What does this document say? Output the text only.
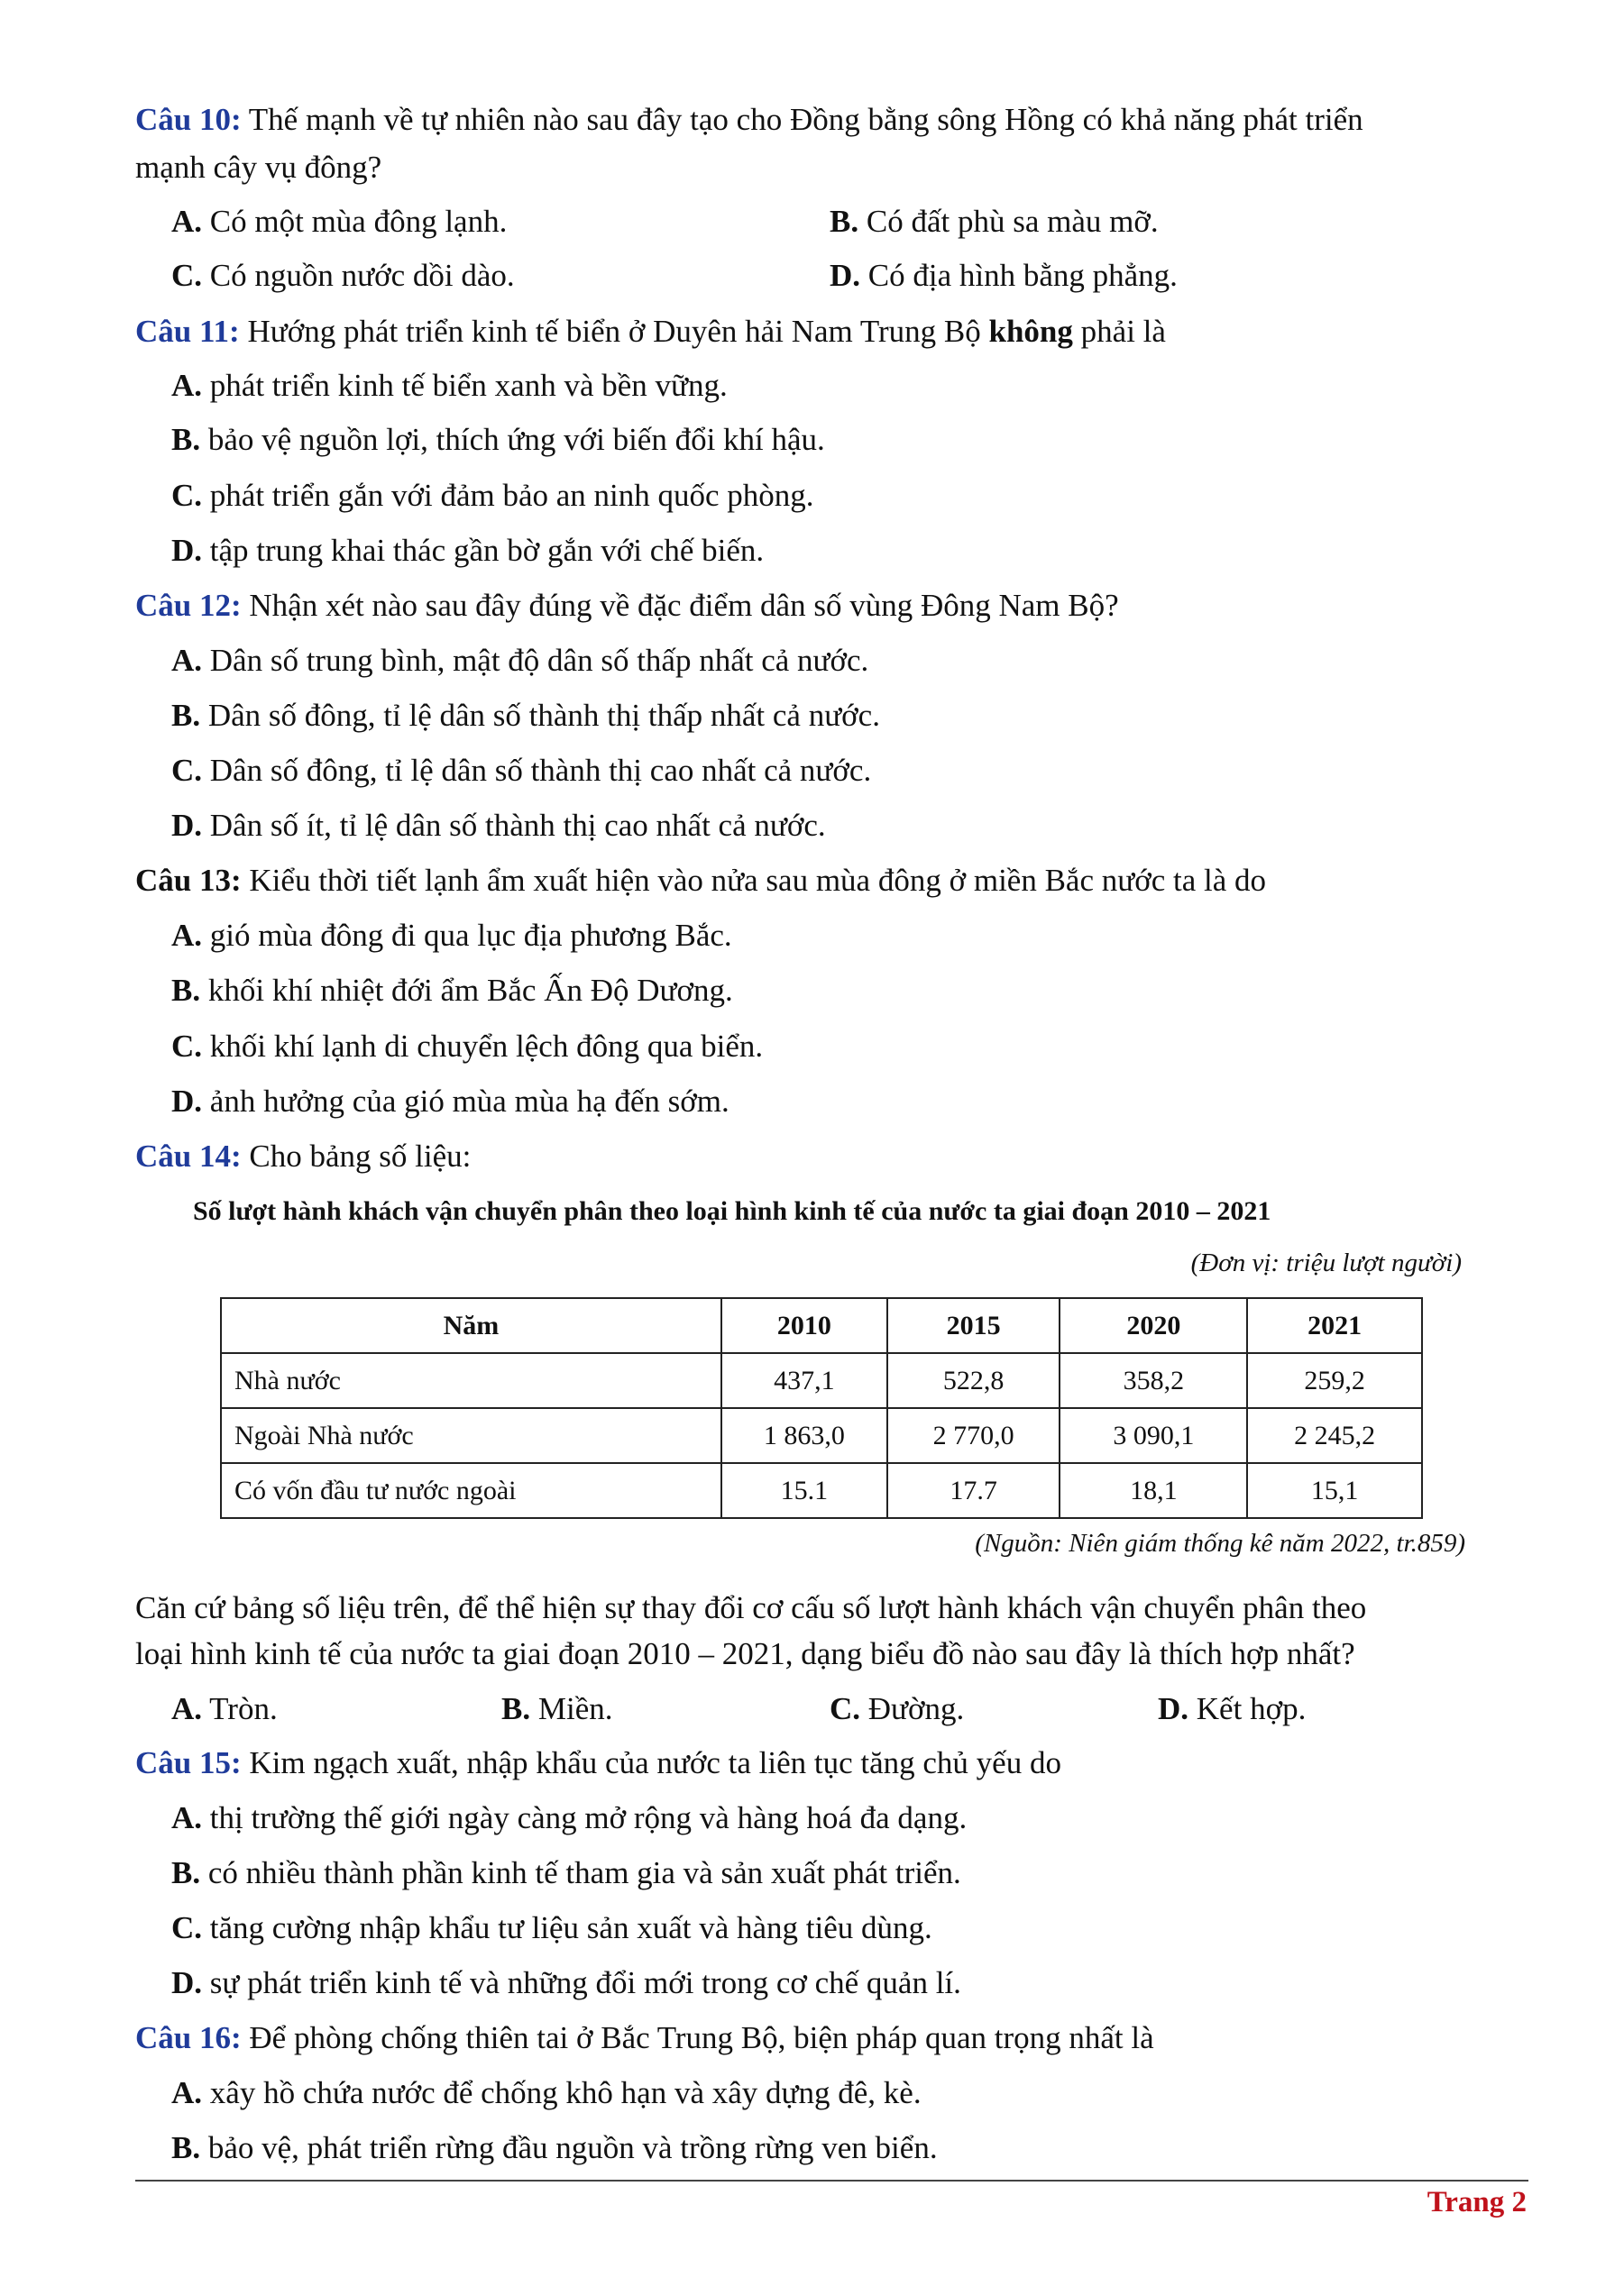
Câu 10: Thế mạnh về tự nhiên nào sau đây tạo cho Đồng bằng sông Hồng có khả năng phát triển
mạnh cây vụ đông?
A. Có một mùa đông lạnh.	B. Có đất phù sa màu mỡ.
C. Có nguồn nước dồi dào.	D. Có địa hình bằng phẳng.
Câu 11: Hướng phát triển kinh tế biển ở Duyên hải Nam Trung Bộ không phải là
A. phát triển kinh tế biển xanh và bền vững.
B. bảo vệ nguồn lợi, thích ứng với biến đổi khí hậu.
C. phát triển gắn với đảm bảo an ninh quốc phòng.
D. tập trung khai thác gần bờ gắn với chế biến.
Câu 12: Nhận xét nào sau đây đúng về đặc điểm dân số vùng Đông Nam Bộ?
A. Dân số trung bình, mật độ dân số thấp nhất cả nước.
B. Dân số đông, tỉ lệ dân số thành thị thấp nhất cả nước.
C. Dân số đông, tỉ lệ dân số thành thị cao nhất cả nước.
D. Dân số ít, tỉ lệ dân số thành thị cao nhất cả nước.
Câu 13: Kiểu thời tiết lạnh ẩm xuất hiện vào nửa sau mùa đông ở miền Bắc nước ta là do
A. gió mùa đông đi qua lục địa phương Bắc.
B. khối khí nhiệt đới ẩm Bắc Ấn Độ Dương.
C. khối khí lạnh di chuyển lệch đông qua biển.
D. ảnh hưởng của gió mùa mùa hạ đến sớm.
Câu 14: Cho bảng số liệu:
Số lượt hành khách vận chuyển phân theo loại hình kinh tế của nước ta giai đoạn 2010 – 2021
(Đơn vị: triệu lượt người)
Năm	2010	2015	2020	2021
Nhà nước	437,1	522,8	358,2	259,2
Ngoài Nhà nước	1 863,0	2 770,0	3 090,1	2 245,2
Có vốn đầu tư nước ngoài	15.1	17.7	18,1	15,1
(Nguồn: Niên giám thống kê năm 2022, tr.859)
Căn cứ bảng số liệu trên, để thể hiện sự thay đổi cơ cấu số lượt hành khách vận chuyển phân theo
loại hình kinh tế của nước ta giai đoạn 2010 – 2021, dạng biểu đồ nào sau đây là thích hợp nhất?
A. Tròn.	B. Miền.	C. Đường.	D. Kết hợp.
Câu 15: Kim ngạch xuất, nhập khẩu của nước ta liên tục tăng chủ yếu do
A. thị trường thế giới ngày càng mở rộng và hàng hoá đa dạng.
B. có nhiều thành phần kinh tế tham gia và sản xuất phát triển.
C. tăng cường nhập khẩu tư liệu sản xuất và hàng tiêu dùng.
D. sự phát triển kinh tế và những đổi mới trong cơ chế quản lí.
Câu 16: Để phòng chống thiên tai ở Bắc Trung Bộ, biện pháp quan trọng nhất là
A. xây hồ chứa nước để chống khô hạn và xây dựng đê, kè.
B. bảo vệ, phát triển rừng đầu nguồn và trồng rừng ven biển.
Trang 2
